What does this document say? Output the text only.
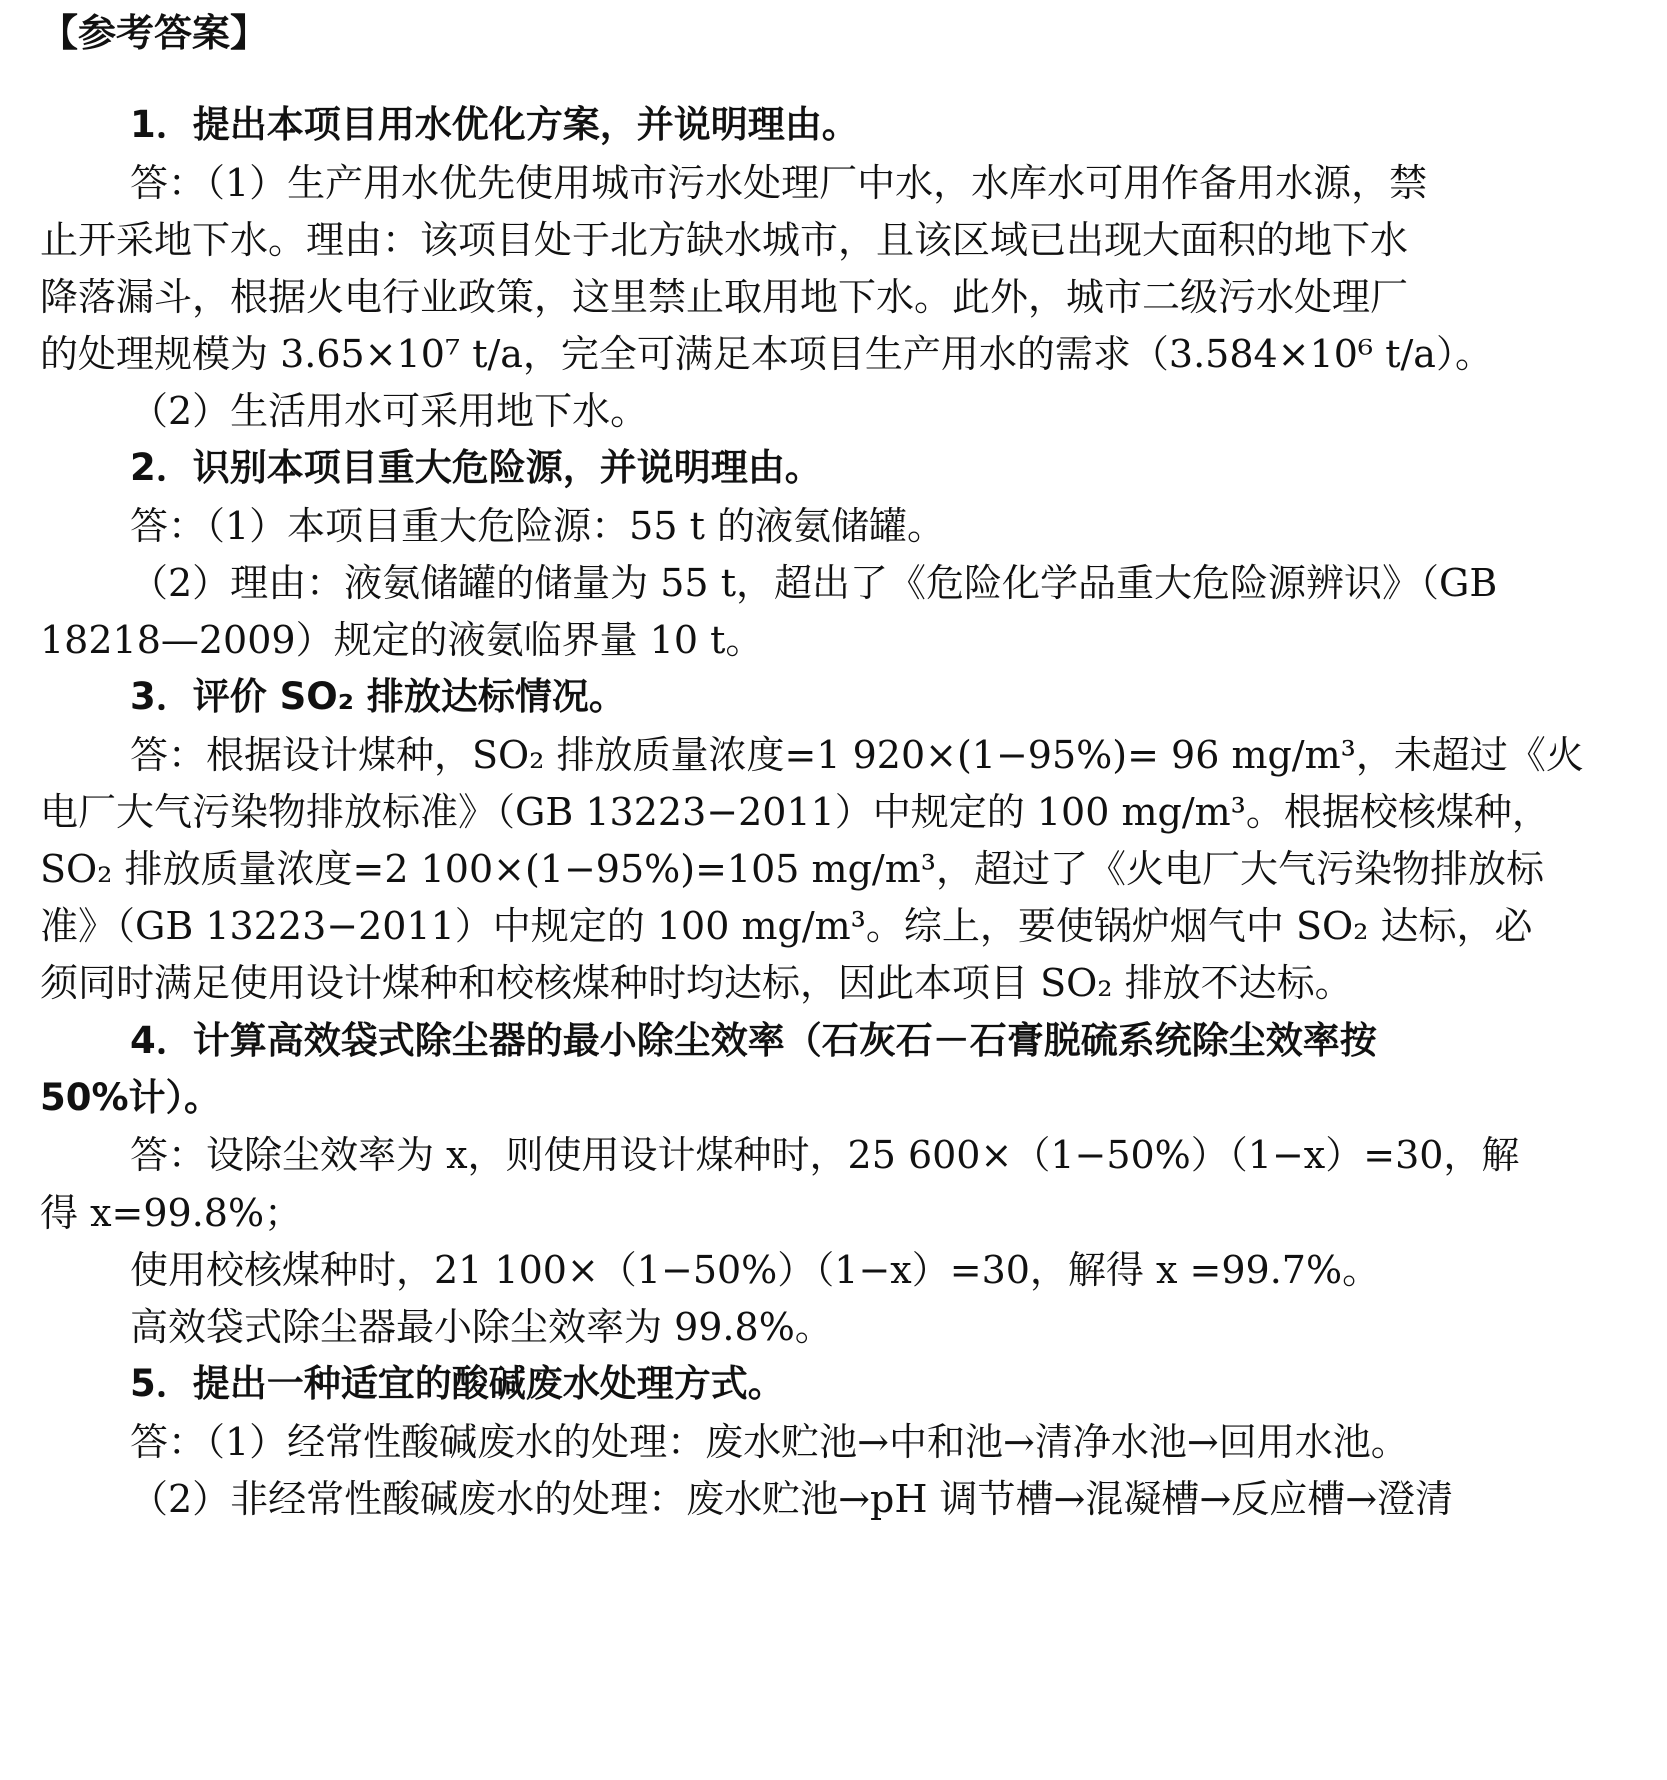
【参考答案】
1．提出本项目用水优化方案，并说明理由。
答：（1）生产用水优先使用城市污水处理厂中水，水库水可用作备用水源，禁
止开采地下水。理由：该项目处于北方缺水城市，且该区域已出现大面积的地下水
降落漏斗，根据火电行业政策，这里禁止取用地下水。此外，城市二级污水处理厂
的处理规模为 3.65×10⁷ t/a，完全可满足本项目生产用水的需求（3.584×10⁶ t/a）。
（2）生活用水可采用地下水。
2．识别本项目重大危险源，并说明理由。
答：（1）本项目重大危险源：55 t 的液氨储罐。
（2）理由：液氨储罐的储量为 55 t，超出了《危险化学品重大危险源辨识》（GB
18218—2009）规定的液氨临界量 10 t。
3．评价 SO₂ 排放达标情况。
答：根据设计煤种，SO₂ 排放质量浓度=1 920×(1−95%)= 96 mg/m³，未超过《火
电厂大气污染物排放标准》（GB 13223−2011）中规定的 100 mg/m³。根据校核煤种，
SO₂ 排放质量浓度=2 100×(1−95%)=105 mg/m³，超过了《火电厂大气污染物排放标
准》（GB 13223−2011）中规定的 100 mg/m³。综上，要使锅炉烟气中 SO₂ 达标，必
须同时满足使用设计煤种和校核煤种时均达标，因此本项目 SO₂ 排放不达标。
4．计算高效袋式除尘器的最小除尘效率（石灰石－石膏脱硫系统除尘效率按
50%计）。
答：设除尘效率为 x，则使用设计煤种时，25 600×（1−50%）（1−x）=30，解
得 x=99.8%；
使用校核煤种时，21 100×（1−50%）（1−x）=30，解得 x =99.7%。
高效袋式除尘器最小除尘效率为 99.8%。
5．提出一种适宜的酸碱废水处理方式。
答：（1）经常性酸碱废水的处理：废水贮池→中和池→清净水池→回用水池。
（2）非经常性酸碱废水的处理：废水贮池→pH 调节槽→混凝槽→反应槽→澄清
